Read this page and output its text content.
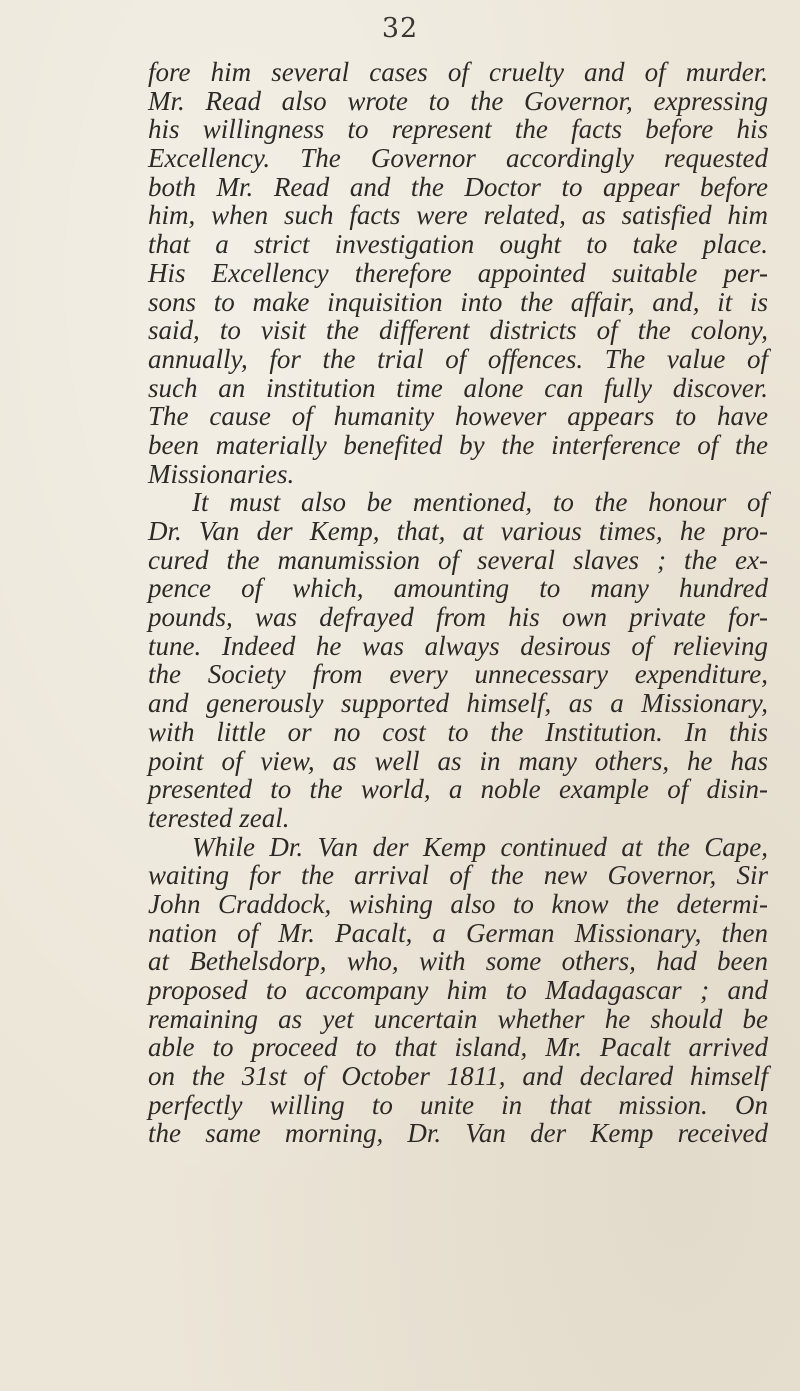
32
fore him several cases of cruelty and of murder.
Mr. Read also wrote to the Governor, expressing
his willingness to represent the facts before his
Excellency. The Governor accordingly requested
both Mr. Read and the Doctor to appear before
him, when such facts were related, as satisfied him
that a strict investigation ought to take place.
His Excellency therefore appointed suitable per-
sons to make inquisition into the affair, and, it is
said, to visit the different districts of the colony,
annually, for the trial of offences. The value of
such an institution time alone can fully discover.
The cause of humanity however appears to have
been materially benefited by the interference of the
Missionaries.
It must also be mentioned, to the honour of
Dr. Van der Kemp, that, at various times, he pro-
cured the manumission of several slaves ; the ex-
pence of which, amounting to many hundred
pounds, was defrayed from his own private for-
tune. Indeed he was always desirous of relieving
the Society from every unnecessary expenditure,
and generously supported himself, as a Missionary,
with little or no cost to the Institution. In this
point of view, as well as in many others, he has
presented to the world, a noble example of disin-
terested zeal.
While Dr. Van der Kemp continued at the Cape,
waiting for the arrival of the new Governor, Sir
John Craddock, wishing also to know the determi-
nation of Mr. Pacalt, a German Missionary, then
at Bethelsdorp, who, with some others, had been
proposed to accompany him to Madagascar ; and
remaining as yet uncertain whether he should be
able to proceed to that island, Mr. Pacalt arrived
on the 31st of October 1811, and declared himself
perfectly willing to unite in that mission. On
the same morning, Dr. Van der Kemp received
